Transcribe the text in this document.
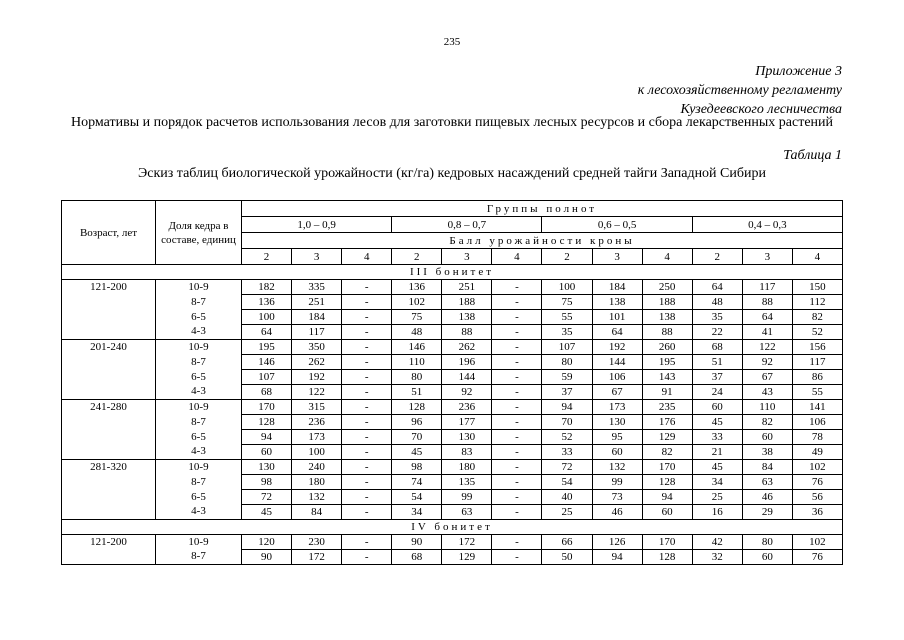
235
Приложение 3
к лесохозяйственному регламенту
Кузедеевского лесничества
Нормативы и порядок расчетов использования лесов для заготовки пищевых лесных ресурсов и сбора лекарственных растений
Таблица 1
Эскиз таблиц биологической урожайности (кг/га) кедровых насаждений средней тайги Западной Сибири
Возраст, лет	Доля кедра в составе, единиц	Группы полнот											
		1,0 – 0,9			0,8 – 0,7			0,6 – 0,5			0,4 – 0,3		
		Балл урожайности кроны											
		2	3	4	2	3	4	2	3	4	2	3	4
III бонитет													
121-200	10-9	182	335	-	136	251	-	100	184	250	64	117	150
	8-7	136	251	-	102	188	-	75	138	188	48	88	112
	6-5	100	184	-	75	138	-	55	101	138	35	64	82
	4-3	64	117	-	48	88	-	35	64	88	22	41	52
201-240	10-9	195	350	-	146	262	-	107	192	260	68	122	156
	8-7	146	262	-	110	196	-	80	144	195	51	92	117
	6-5	107	192	-	80	144	-	59	106	143	37	67	86
	4-3	68	122	-	51	92	-	37	67	91	24	43	55
241-280	10-9	170	315	-	128	236	-	94	173	235	60	110	141
	8-7	128	236	-	96	177	-	70	130	176	45	82	106
	6-5	94	173	-	70	130	-	52	95	129	33	60	78
	4-3	60	100	-	45	83	-	33	60	82	21	38	49
281-320	10-9	130	240	-	98	180	-	72	132	170	45	84	102
	8-7	98	180	-	74	135	-	54	99	128	34	63	76
	6-5	72	132	-	54	99	-	40	73	94	25	46	56
	4-3	45	84	-	34	63	-	25	46	60	16	29	36
IV бонитет													
121-200	10-9	120	230	-	90	172	-	66	126	170	42	80	102
	8-7	90	172	-	68	129	-	50	94	128	32	60	76
